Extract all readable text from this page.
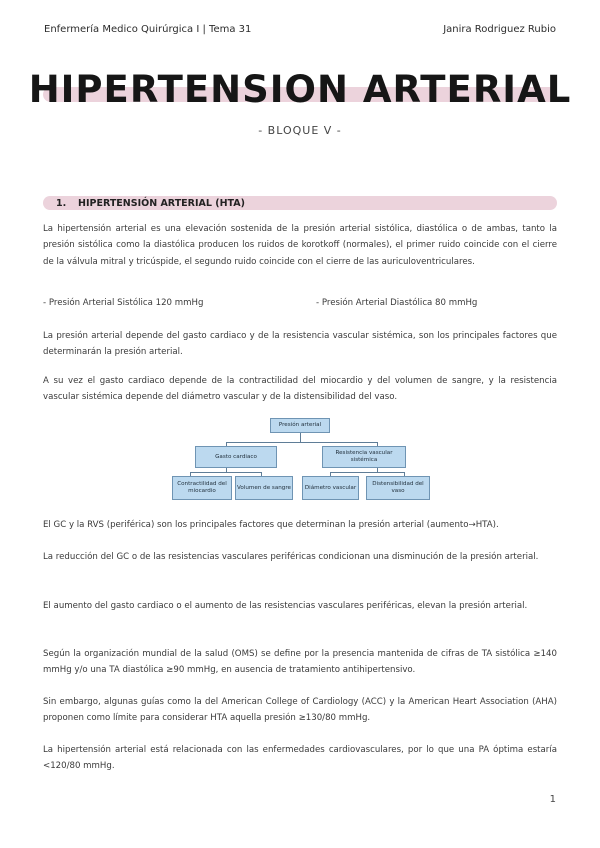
Enfermería Medico Quirúrgica I | Tema 31	Janira Rodriguez Rubio
HIPERTENSION ARTERIAL
- BLOQUE V -
1. HIPERTENSIÓN ARTERIAL (HTA)
La hipertensión arterial es una elevación sostenida de la presión arterial sistólica, diastólica o de ambas, tanto la presión sistólica como la diastólica producen los ruidos de korotkoff (normales), el primer ruido coincide con el cierre de la válvula mitral y tricúspide, el segundo ruido coincide con el cierre de las auriculoventriculares.
- Presión Arterial Sistólica 120 mmHg	- Presión Arterial Diastólica 80 mmHg
La presión arterial depende del gasto cardiaco y de la resistencia vascular sistémica, son los principales factores que determinarán la presión arterial.
A su vez el gasto cardiaco depende de la contractilidad del miocardio y del volumen de sangre, y la resistencia vascular sistémica depende del diámetro vascular y de la distensibilidad del vaso.
Presión arterial
Gasto cardiaco
Resistencia vascular sistémica
Contractilidad del miocardio
Volumen de sangre	Diámetro vascular
Distensibilidad del vaso
El GC y la RVS (periférica) son los principales factores que determinan la presión arterial (aumento→HTA).
La reducción del GC o de las resistencias vasculares periféricas condicionan una disminución de la presión arterial.
El aumento del gasto cardiaco o el aumento de las resistencias vasculares periféricas, elevan la presión arterial.
Según la organización mundial de la salud (OMS) se define por la presencia mantenida de cifras de TA sistólica ≥140 mmHg y/o una TA diastólica ≥90 mmHg, en ausencia de tratamiento antihipertensivo.
Sin embargo, algunas guías como la del American College of Cardiology (ACC) y la American Heart Association (AHA) proponen como límite para considerar HTA aquella presión ≥130/80 mmHg.
La hipertensión arterial está relacionada con las enfermedades cardiovasculares, por lo que una PA óptima estaría <120/80 mmHg.
1
